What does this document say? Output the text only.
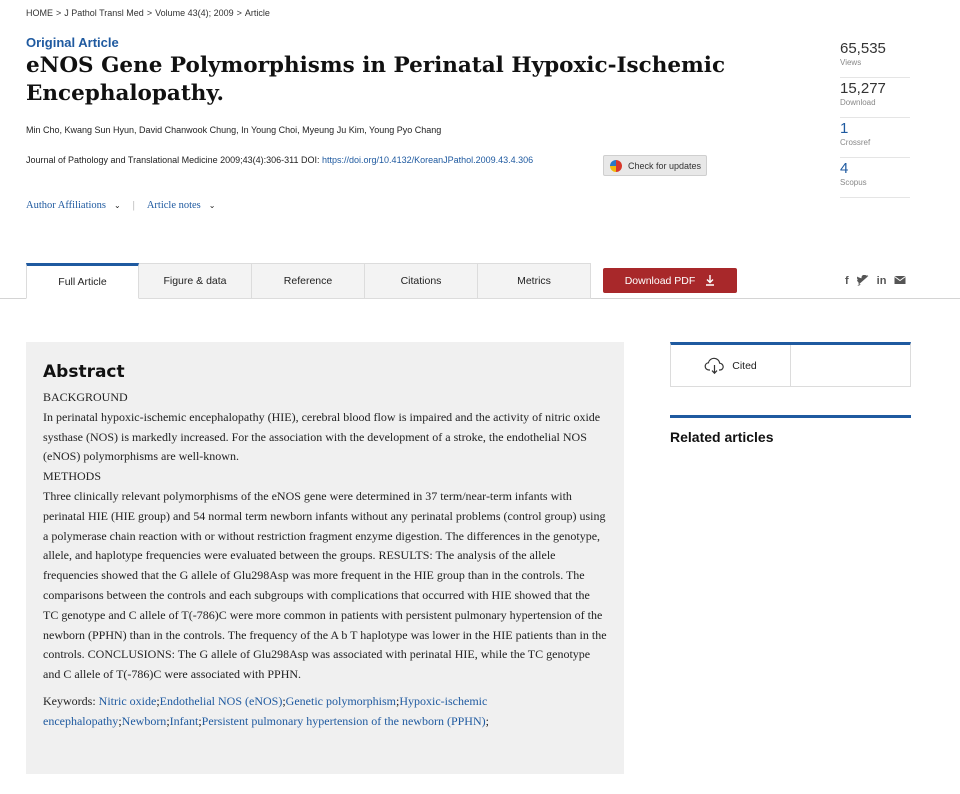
HOME > J Pathol Transl Med > Volume 43(4); 2009 > Article
Original Article
eNOS Gene Polymorphisms in Perinatal Hypoxic-Ischemic Encephalopathy.
Min Cho, Kwang Sun Hyun, David Chanwook Chung, In Young Choi, Myeung Ju Kim, Young Pyo Chang
Journal of Pathology and Translational Medicine 2009;43(4):306-311 DOI: https://doi.org/10.4132/KoreanJPathol.2009.43.4.306
Check for updates
Author Affiliations ⌄ | Article notes ⌄
65,535
Views
15,277
Download
1
Crossref
4
Scopus
Full Article	Figure & data	Reference	Citations	Metrics	Download PDF	f	in
Abstract
BACKGROUND
In perinatal hypoxic-ischemic encephalopathy (HIE), cerebral blood flow is impaired and the activity of nitric oxide systhase (NOS) is markedly increased. For the association with the development of a stroke, the endothelial NOS (eNOS) polymorphisms are well-known.
METHODS
Three clinically relevant polymorphisms of the eNOS gene were determined in 37 term/near-term infants with perinatal HIE (HIE group) and 54 normal term newborn infants without any perinatal problems (control group) using a polymerase chain reaction with or without restriction fragment enzyme digestion. The differences in the genotype, allele, and haplotype frequencies were evaluated between the groups. RESULTS: The analysis of the allele frequencies showed that the G allele of Glu298Asp was more frequent in the HIE group than in the controls. The comparisons between the controls and each subgroups with complications that occurred with HIE showed that the TC genotype and C allele of T(-786)C were more common in patients with persistent pulmonary hypertension of the newborn (PPHN) than in the controls. The frequency of the A b T haplotype was lower in the HIE patients than in the controls. CONCLUSIONS: The G allele of Glu298Asp was associated with perinatal HIE, while the TC genotype and C allele of T(-786)C were associated with PPHN.
Keywords: Nitric oxide;Endothelial NOS (eNOS);Genetic polymorphism;Hypoxic-ischemic encephalopathy;Newborn;Infant;Persistent pulmonary hypertension of the newborn (PPHN);
Cited
Related articles
